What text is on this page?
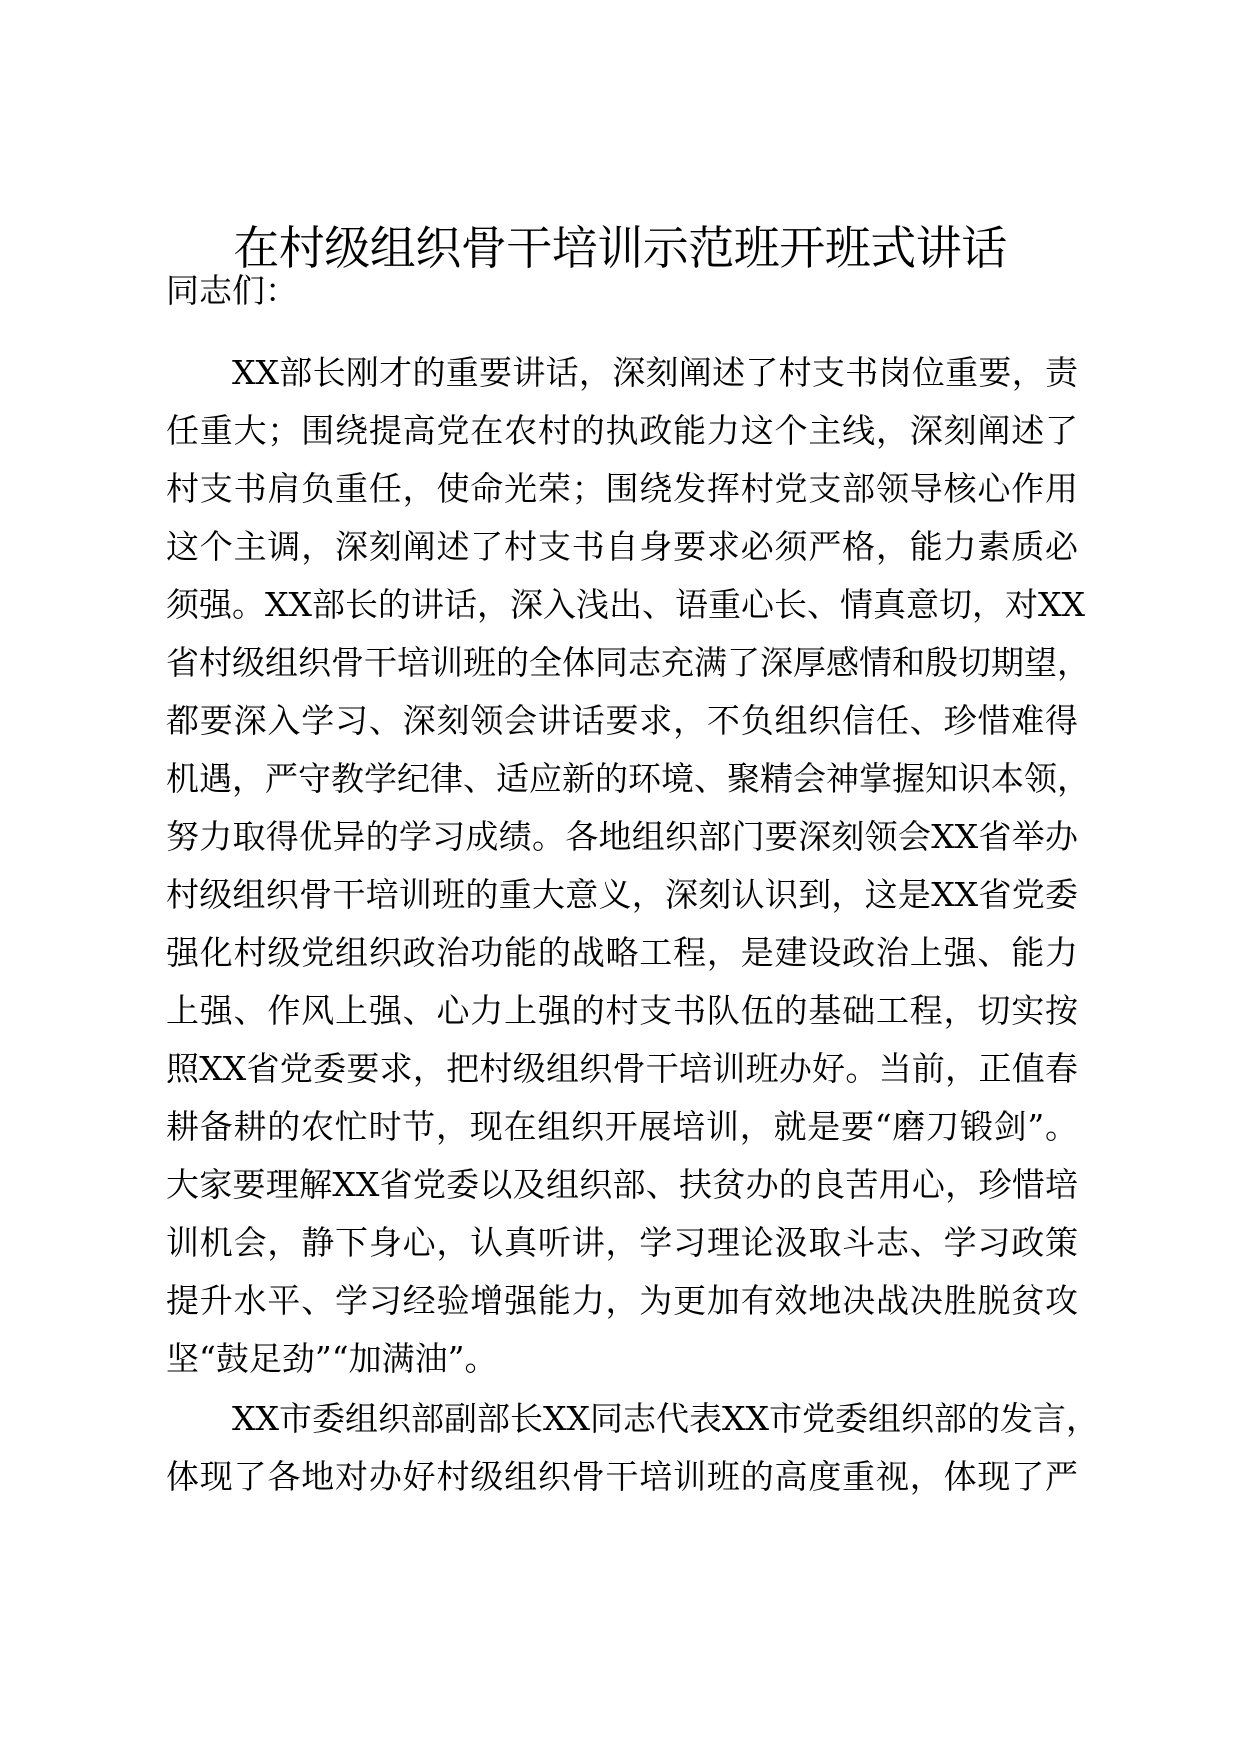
在村级组织骨干培训示范班开班式讲话
同志们：
XX部长刚才的重要讲话，深刻阐述了村支书岗位重要，责
任重大；围绕提高党在农村的执政能力这个主线，深刻阐述了
村支书肩负重任，使命光荣；围绕发挥村党支部领导核心作用
这个主调，深刻阐述了村支书自身要求必须严格，能力素质必
须强。XX部长的讲话，深入浅出、语重心长、情真意切，对XX
省村级组织骨干培训班的全体同志充满了深厚感情和殷切期望，
都要深入学习、深刻领会讲话要求，不负组织信任、珍惜难得
机遇，严守教学纪律、适应新的环境、聚精会神掌握知识本领，
努力取得优异的学习成绩。各地组织部门要深刻领会XX省举办
村级组织骨干培训班的重大意义，深刻认识到，这是XX省党委
强化村级党组织政治功能的战略工程，是建设政治上强、能力
上强、作风上强、心力上强的村支书队伍的基础工程，切实按
照XX省党委要求，把村级组织骨干培训班办好。当前，正值春
耕备耕的农忙时节，现在组织开展培训，就是要“磨刀锻剑”。
大家要理解XX省党委以及组织部、扶贫办的良苦用心，珍惜培
训机会，静下身心，认真听讲，学习理论汲取斗志、学习政策
提升水平、学习经验增强能力，为更加有效地决战决胜脱贫攻
坚“鼓足劲”“加满油”。
XX市委组织部副部长XX同志代表XX市党委组织部的发言，
体现了各地对办好村级组织骨干培训班的高度重视，体现了严
